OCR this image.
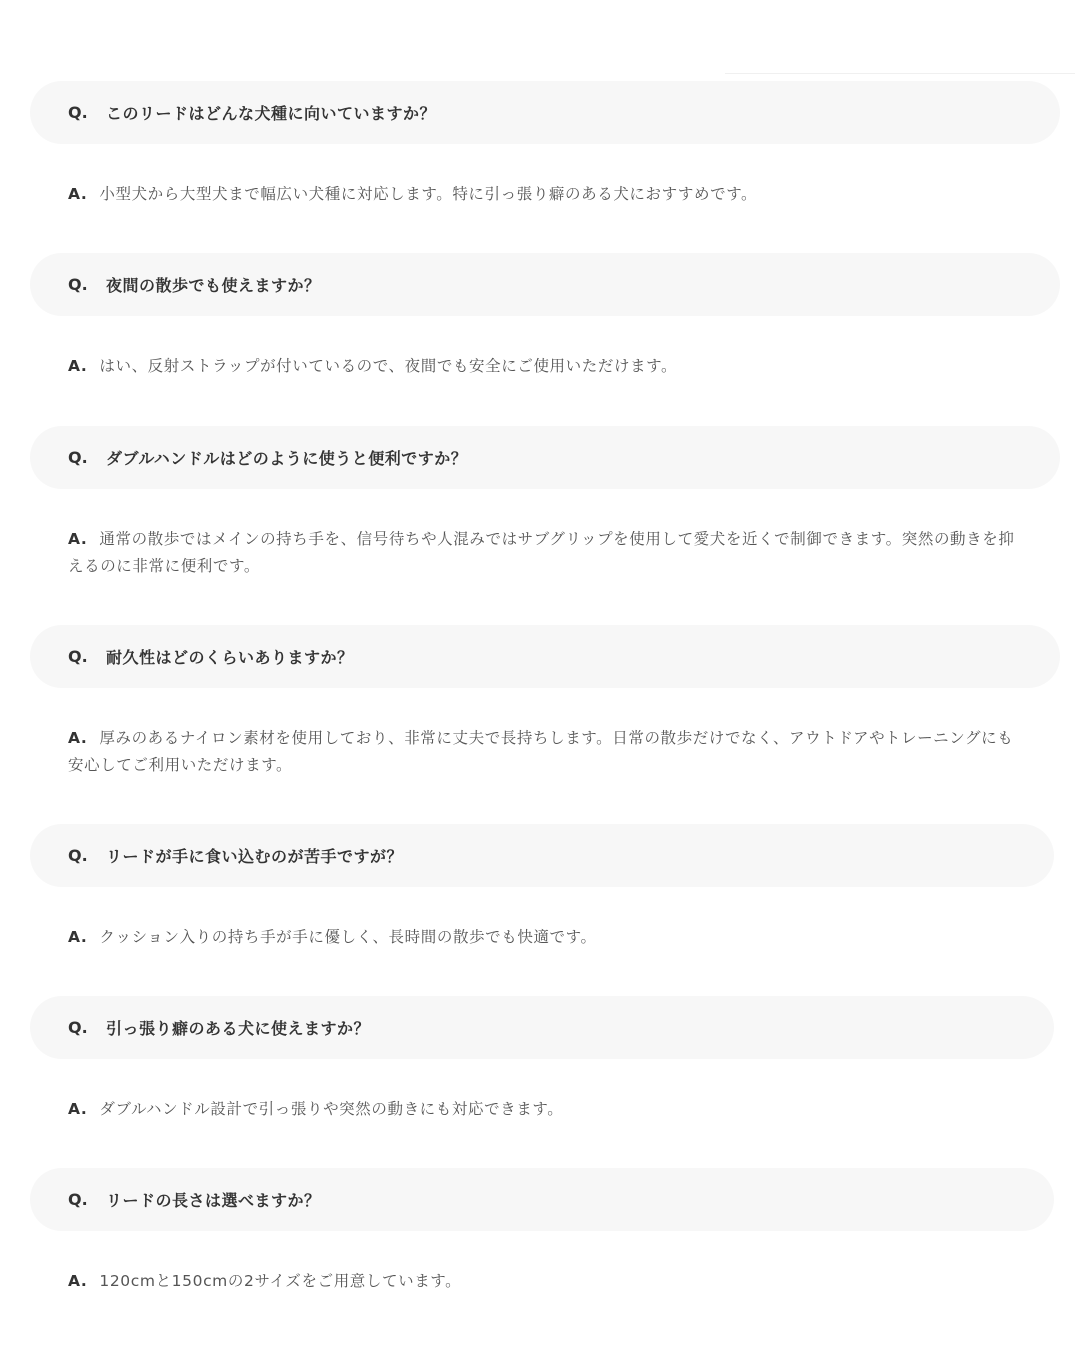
Q.	このリードはどんな犬種に向いていますか？
A. 小型犬から大型犬まで幅広い犬種に対応します。特に引っ張り癖のある犬におすすめです。
Q.	夜間の散歩でも使えますか？
A. はい、反射ストラップが付いているので、夜間でも安全にご使用いただけます。
Q.	ダブルハンドルはどのように使うと便利ですか？
A. 通常の散歩ではメインの持ち手を、信号待ちや人混みではサブグリップを使用して愛犬を近くで制御できます。突然の動きを抑えるのに非常に便利です。
Q.	耐久性はどのくらいありますか？
A. 厚みのあるナイロン素材を使用しており、非常に丈夫で長持ちします。日常の散歩だけでなく、アウトドアやトレーニングにも安心してご利用いただけます。
Q.	リードが手に食い込むのが苦手ですが？
A. クッション入りの持ち手が手に優しく、長時間の散歩でも快適です。
Q.	引っ張り癖のある犬に使えますか？
A. ダブルハンドル設計で引っ張りや突然の動きにも対応できます。
Q.	リードの長さは選べますか？
A. 120cmと150cmの2サイズをご用意しています。
